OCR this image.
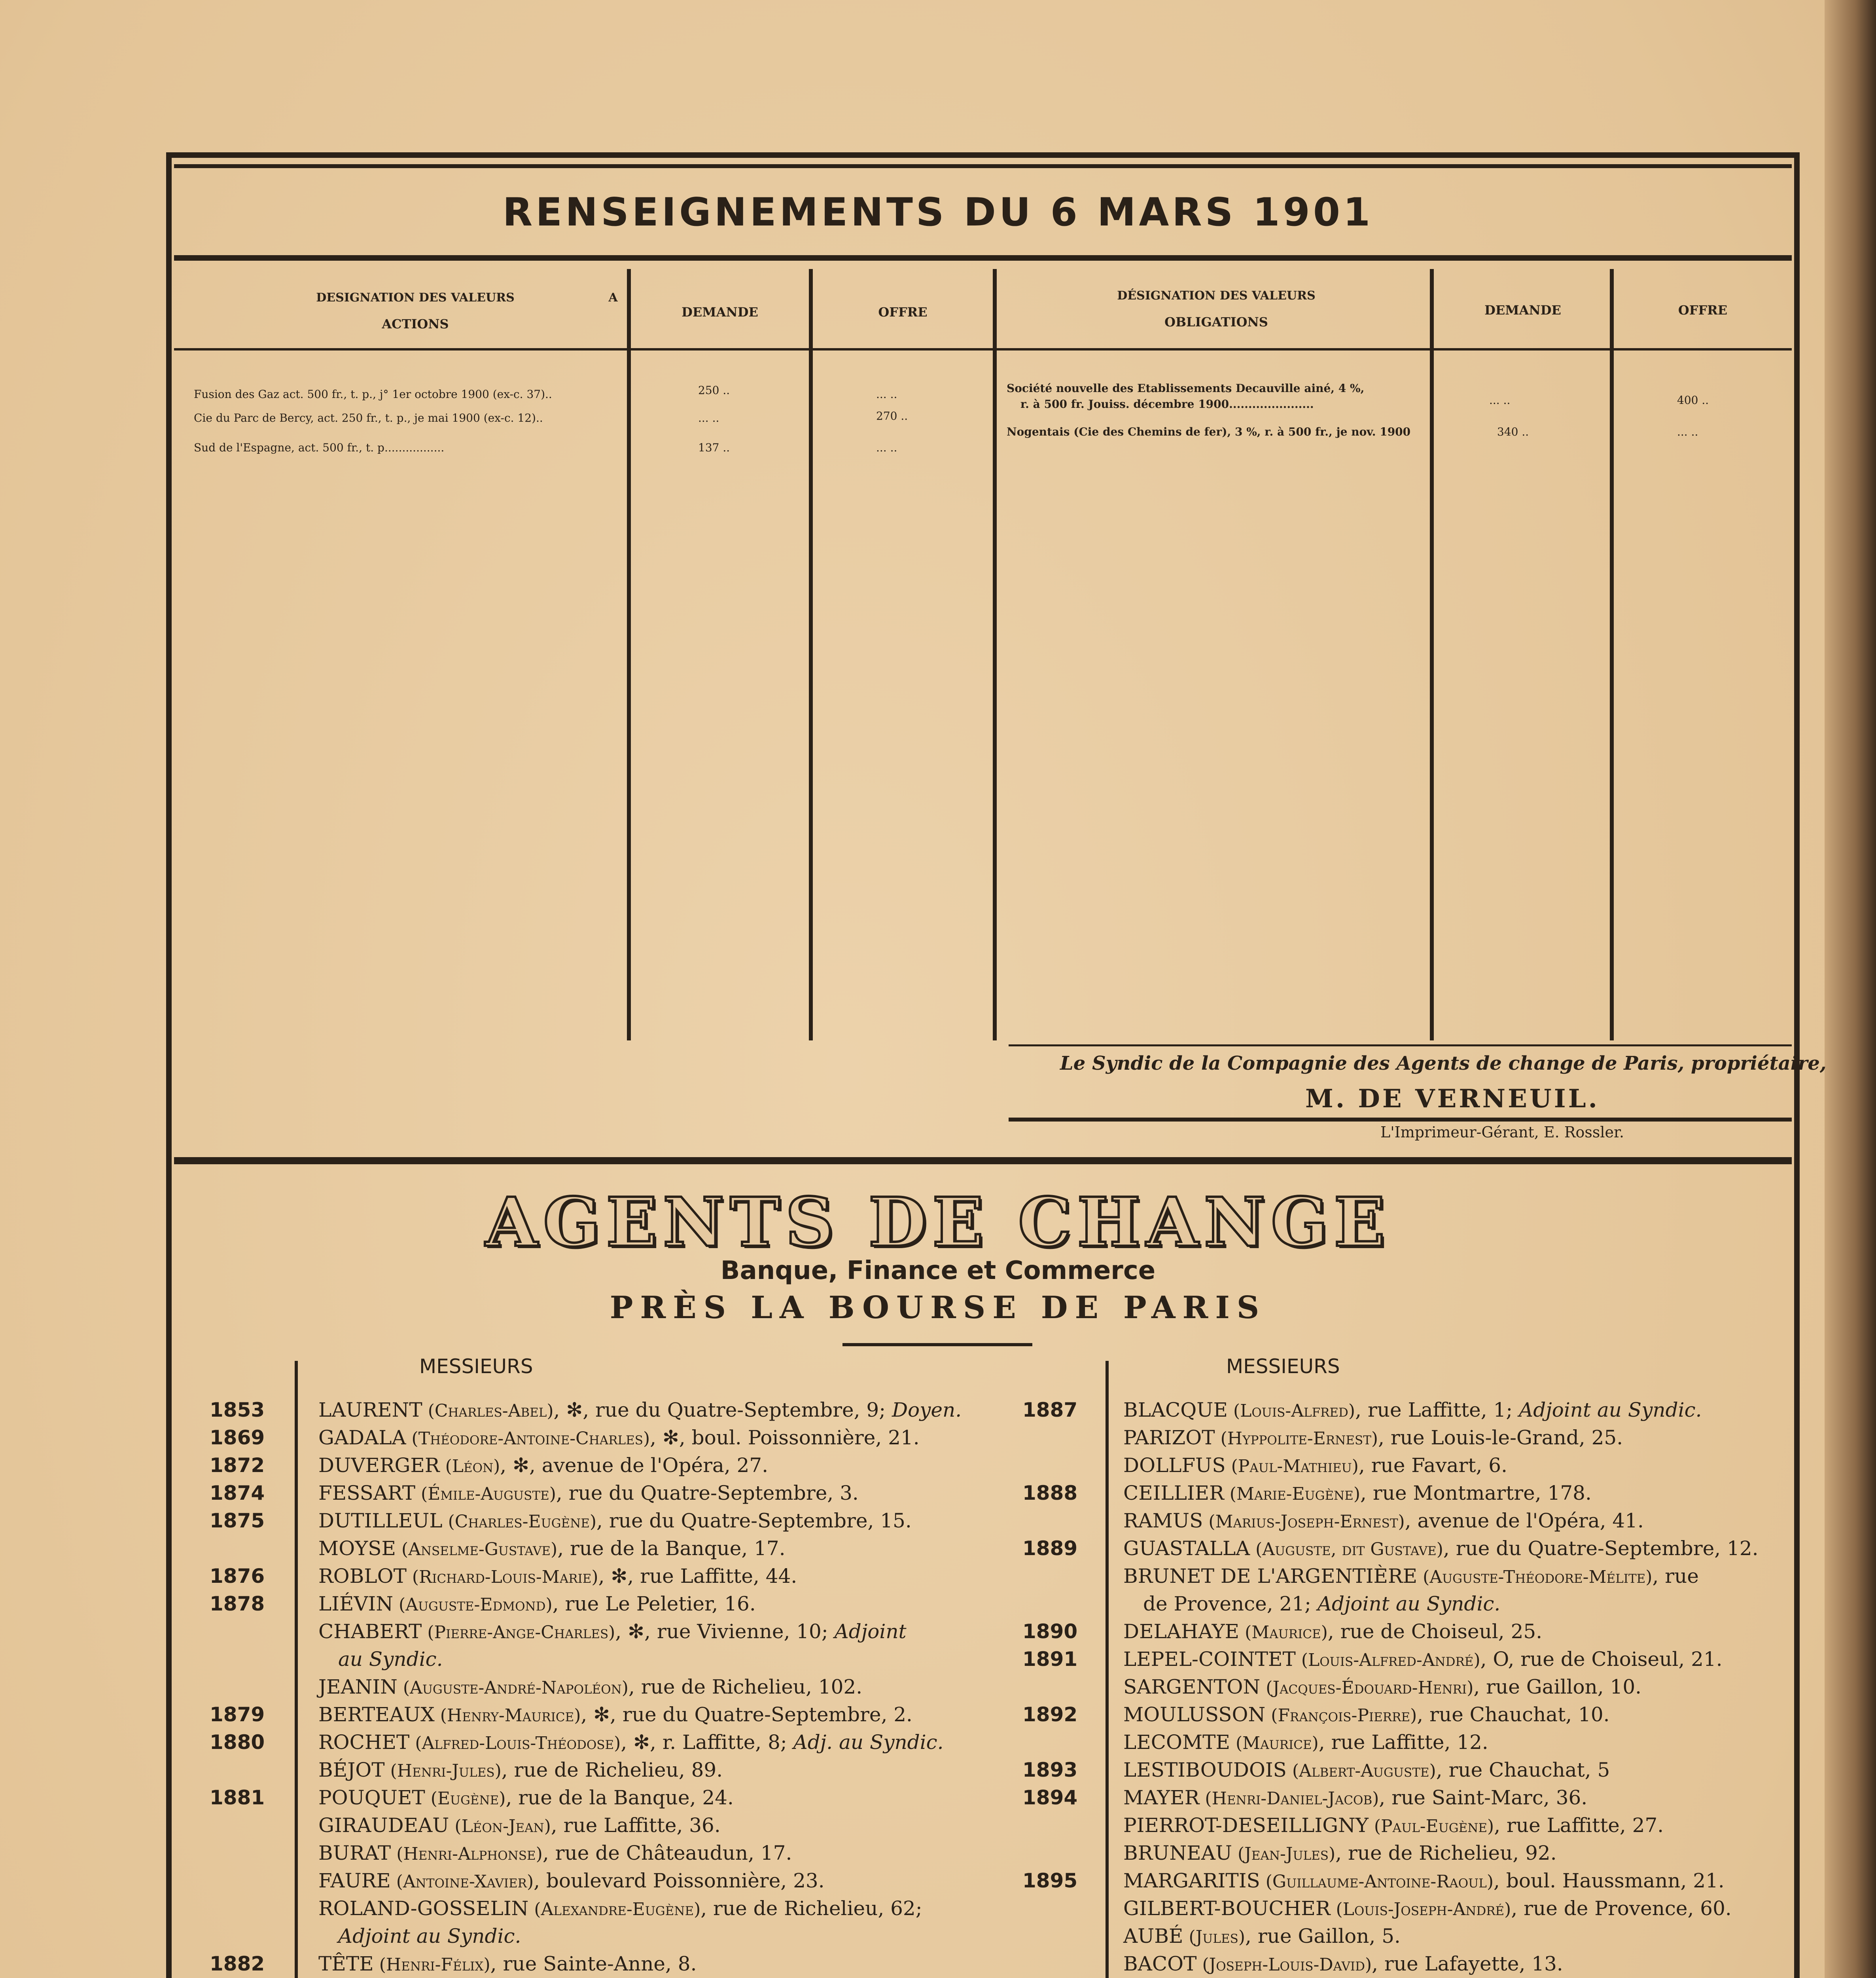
RENSEIGNEMENTS DU 6 MARS 1901
DESIGNATION DES VALEURS
ACTIONS
A
DEMANDE	OFFRE
DÉSIGNATION DES VALEURS
OBLIGATIONS
DEMANDE	OFFRE
Fusion des Gaz act. 500 fr., t. p., j° 1er octobre 1900 (ex-c. 37)..	250 ..	... ..
Cie du Parc de Bercy, act. 250 fr., t. p., je mai 1900 (ex-c. 12)..	... ..	270 ..
Sud de l'Espagne, act. 500 fr., t. p.................	137 ..	... ..
Société nouvelle des Etablissements Decauville ainé, 4 %,
r. à 500 fr. Jouiss. décembre 1900......................	... ..	400 ..
Nogentais (Cie des Chemins de fer), 3 %, r. à 500 fr., je nov. 1900	340 ..	... ..
Le Syndic de la Compagnie des Agents de change de Paris, propriétaire,
M. DE VERNEUIL.
L'Imprimeur-Gérant, E. Rossler.
AGENTS DE CHANGE
Banque, Finance et Commerce
PRÈS LA BOURSE DE PARIS
MESSIEURS	MESSIEURS
1853	LAURENT (Charles-Abel), ✻, rue du Quatre-Septembre, 9; Doyen.
1869	GADALA (Théodore-Antoine-Charles), ✻, boul. Poissonnière, 21.
1872	DUVERGER (Léon), ✻, avenue de l'Opéra, 27.
1874	FESSART (Émile-Auguste), rue du Quatre-Septembre, 3.
1875	DUTILLEUL (Charles-Eugène), rue du Quatre-Septembre, 15.
MOYSE (Anselme-Gustave), rue de la Banque, 17.
1876	ROBLOT (Richard-Louis-Marie), ✻, rue Laffitte, 44.
1878	LIÉVIN (Auguste-Edmond), rue Le Peletier, 16.
CHABERT (Pierre-Ange-Charles), ✻, rue Vivienne, 10; Adjoint
au Syndic.
JEANIN (Auguste-André-Napoléon), rue de Richelieu, 102.
1879	BERTEAUX (Henry-Maurice), ✻, rue du Quatre-Septembre, 2.
1880	ROCHET (Alfred-Louis-Théodose), ✻, r. Laffitte, 8; Adj. au Syndic.
BÉJOT (Henri-Jules), rue de Richelieu, 89.
1881	POUQUET (Eugène), rue de la Banque, 24.
GIRAUDEAU (Léon-Jean), rue Laffitte, 36.
BURAT (Henri-Alphonse), rue de Châteaudun, 17.
FAURE (Antoine-Xavier), boulevard Poissonnière, 23.
ROLAND-GOSSELIN (Alexandre-Eugène), rue de Richelieu, 62;
Adjoint au Syndic.
1882	TÊTE (Henri-Félix), rue Sainte-Anne, 8.
1887 BLACQUE (Louis-Alfred), rue Laffitte, 1; Adjoint au Syndic.
PARIZOT (Hyppolite-Ernest), rue Louis-le-Grand, 25.
DOLLFUS (Paul-Mathieu), rue Favart, 6.
1888 CEILLIER (Marie-Eugène), rue Montmartre, 178.
RAMUS (Marius-Joseph-Ernest), avenue de l'Opéra, 41.
1889 GUASTALLA (Auguste, dit Gustave), rue du Quatre-Septembre, 12.
BRUNET DE L'ARGENTIÈRE (Auguste-Théodore-Mélite), rue
de Provence, 21; Adjoint au Syndic.
1890 DELAHAYE (Maurice), rue de Choiseul, 25.
1891 LEPEL-COINTET (Louis-Alfred-André), O, rue de Choiseul, 21.
SARGENTON (Jacques-Édouard-Henri), rue Gaillon, 10.
1892 MOULUSSON (François-Pierre), rue Chauchat, 10.
LECOMTE (Maurice), rue Laffitte, 12.
1893 LESTIBOUDOIS (Albert-Auguste), rue Chauchat, 5
1894 MAYER (Henri-Daniel-Jacob), rue Saint-Marc, 36.
PIERROT-DESEILLIGNY (Paul-Eugène), rue Laffitte, 27.
BRUNEAU (Jean-Jules), rue de Richelieu, 92.
1895 MARGARITIS (Guillaume-Antoine-Raoul), boul. Haussmann, 21.
GILBERT-BOUCHER (Louis-Joseph-André), rue de Provence, 60.
AUBÉ (Jules), rue Gaillon, 5.
BACOT (Joseph-Louis-David), rue Lafayette, 13.
